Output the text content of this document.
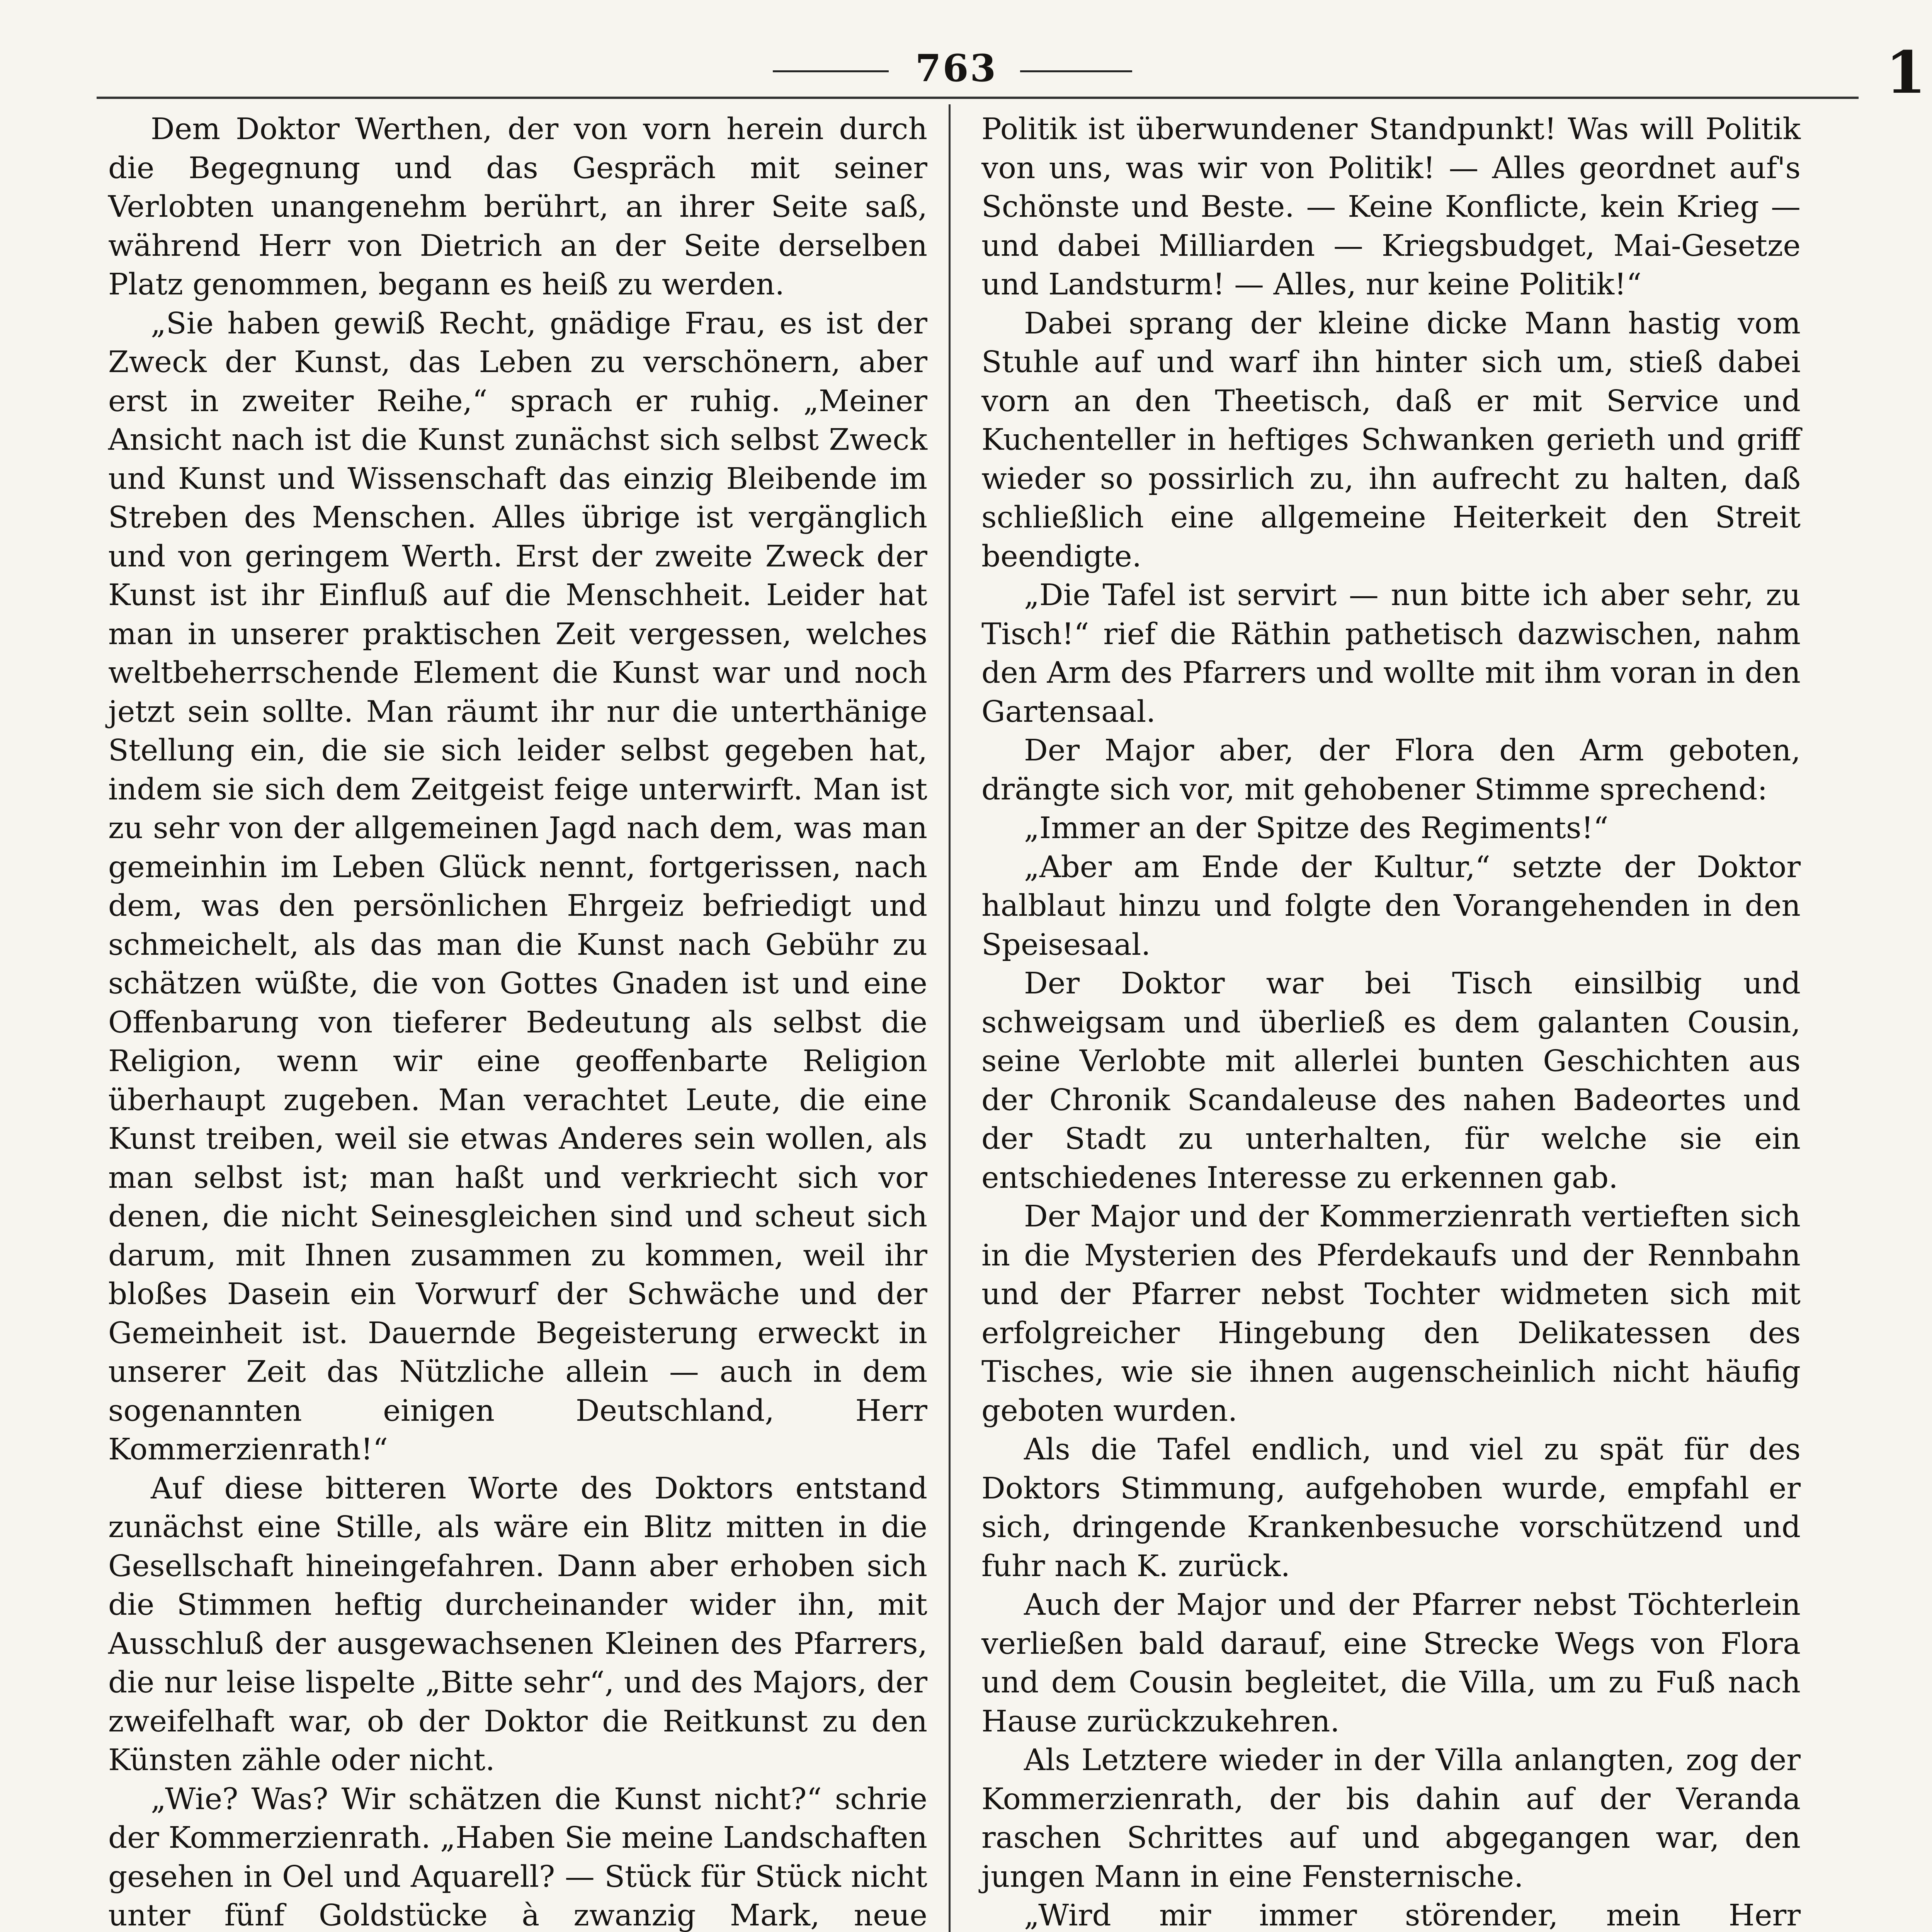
763	1

Dem Doktor Werthen, der von vorn herein durch die Begegnung und das Gespräch mit seiner Verlobten unangenehm berührt, an ihrer Seite saß, während Herr von Dietrich an der Seite derselben Platz genommen, begann es heiß zu werden.

„Sie haben gewiß Recht, gnädige Frau, es ist der Zweck der Kunst, das Leben zu verschönern, aber erst in zweiter Reihe,“ sprach er ruhig. „Meiner Ansicht nach ist die Kunst zunächst sich selbst Zweck und Kunst und Wissenschaft das einzig Bleibende im Streben des Menschen. Alles übrige ist vergänglich und von geringem Werth. Erst der zweite Zweck der Kunst ist ihr Einfluß auf die Menschheit. Leider hat man in unserer praktischen Zeit vergessen, welches weltbeherrschende Element die Kunst war und noch jetzt sein sollte. Man räumt ihr nur die unterthänige Stellung ein, die sie sich leider selbst gegeben hat, indem sie sich dem Zeitgeist feige unterwirft. Man ist zu sehr von der allgemeinen Jagd nach dem, was man gemeinhin im Leben Glück nennt, fortgerissen, nach dem, was den persönlichen Ehrgeiz befriedigt und schmeichelt, als das man die Kunst nach Gebühr zu schätzen wüßte, die von Gottes Gnaden ist und eine Offenbarung von tieferer Bedeutung als selbst die Religion, wenn wir eine geoffenbarte Religion überhaupt zugeben. Man verachtet Leute, die eine Kunst treiben, weil sie etwas Anderes sein wollen, als man selbst ist; man haßt und verkriecht sich vor denen, die nicht Seinesgleichen sind und scheut sich darum, mit Ihnen zusammen zu kommen, weil ihr bloßes Dasein ein Vorwurf der Schwäche und der Gemeinheit ist. Dauernde Begeisterung erweckt in unserer Zeit das Nützliche allein — auch in dem sogenannten einigen Deutschland, Herr Kommerzienrath!“

Auf diese bitteren Worte des Doktors entstand zunächst eine Stille, als wäre ein Blitz mitten in die Gesellschaft hineingefahren. Dann aber erhoben sich die Stimmen heftig durcheinander wider ihn, mit Ausschluß der ausgewachsenen Kleinen des Pfarrers, die nur leise lispelte „Bitte sehr“, und des Majors, der zweifelhaft war, ob der Doktor die Reitkunst zu den Künsten zähle oder nicht.

„Wie? Was? Wir schätzen die Kunst nicht?“ schrie der Kommerzienrath. „Haben Sie meine Landschaften gesehen in Oel und Aquarell? — Stück für Stück nicht unter fünf Goldstücke à zwanzig Mark, neue

Politik ist überwundener Standpunkt! Was will Politik von uns, was wir von Politik! — Alles geordnet auf's Schönste und Beste. — Keine Konflicte, kein Krieg — und dabei Milliarden — Kriegsbudget, Mai-Gesetze und Landsturm! — Alles, nur keine Politik!“

Dabei sprang der kleine dicke Mann hastig vom Stuhle auf und warf ihn hinter sich um, stieß dabei vorn an den Theetisch, daß er mit Service und Kuchenteller in heftiges Schwanken gerieth und griff wieder so possirlich zu, ihn aufrecht zu halten, daß schließlich eine allgemeine Heiterkeit den Streit beendigte.

„Die Tafel ist servirt — nun bitte ich aber sehr, zu Tisch!“ rief die Räthin pathetisch dazwischen, nahm den Arm des Pfarrers und wollte mit ihm voran in den Gartensaal.

Der Major aber, der Flora den Arm geboten, drängte sich vor, mit gehobener Stimme sprechend:

„Immer an der Spitze des Regiments!“

„Aber am Ende der Kultur,“ setzte der Doktor halblaut hinzu und folgte den Vorangehenden in den Speisesaal.

Der Doktor war bei Tisch einsilbig und schweigsam und überließ es dem galanten Cousin, seine Verlobte mit allerlei bunten Geschichten aus der Chronik Scandaleuse des nahen Badeortes und der Stadt zu unterhalten, für welche sie ein entschiedenes Interesse zu erkennen gab.

Der Major und der Kommerzienrath vertieften sich in die Mysterien des Pferdekaufs und der Rennbahn und der Pfarrer nebst Tochter widmeten sich mit erfolgreicher Hingebung den Delikatessen des Tisches, wie sie ihnen augenscheinlich nicht häufig geboten wurden.

Als die Tafel endlich, und viel zu spät für des Doktors Stimmung, aufgehoben wurde, empfahl er sich, dringende Krankenbesuche vorschützend und fuhr nach K. zurück.

Auch der Major und der Pfarrer nebst Töchterlein verließen bald darauf, eine Strecke Wegs von Flora und dem Cousin begleitet, die Villa, um zu Fuß nach Hause zurückzukehren.

Als Letztere wieder in der Villa anlangten, zog der Kommerzienrath, der bis dahin auf der Veranda raschen Schrittes auf und abgegangen war, den jungen Mann in eine Fensternische.

„Wird mir immer störender, mein Herr
